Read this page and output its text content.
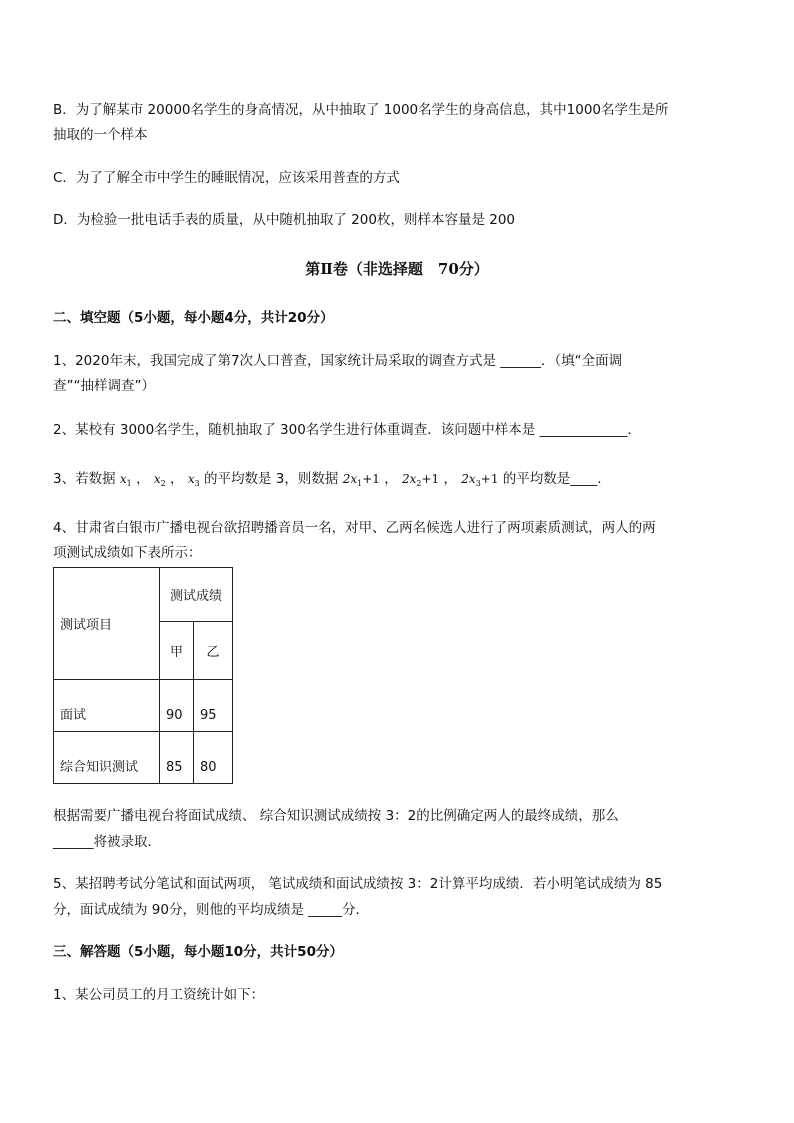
B．为了解某市 20000名学生的身高情况，从中抽取了 1000名学生的身高信息，其中1000名学生是所
抽取的一个样本
C．为了了解全市中学生的睡眠情况，应该采用普查的方式
D．为检验一批电话手表的质量，从中随机抽取了 200枚，则样本容量是 200
第Ⅱ卷（非选择题　70分）
二、填空题（5小题，每小题4分，共计20分）
1、2020年末，我国完成了第7次人口普查，国家统计局采取的调查方式是 ______．（填“全面调
查”“抽样调查”）
2、某校有 3000名学生，随机抽取了 300名学生进行体重调查．该问题中样本是 _____________．
3、若数据 $x_1$ ， $x_2$ ， $x_3$ 的平均数是 3，则数据 $2x_1+1$ ， $2x_2+1$ ， $2x_3+1$ 的平均数是____．
4、甘肃省白银市广播电视台欲招聘播音员一名，对甲、乙两名候选人进行了两项素质测试，两人的两
项测试成绩如下表所示：
测试项目	测试成绩	
	甲	乙
面试	90	95
综合知识测试	85	80
根据需要广播电视台将面试成绩、 综合知识测试成绩按 3：2的比例确定两人的最终成绩，那么
______将被录取．
5、某招聘考试分笔试和面试两项， 笔试成绩和面试成绩按 3：2计算平均成绩．若小明笔试成绩为 85
分，面试成绩为 90分，则他的平均成绩是 _____分．
三、解答题（5小题，每小题10分，共计50分）
1、某公司员工的月工资统计如下：
